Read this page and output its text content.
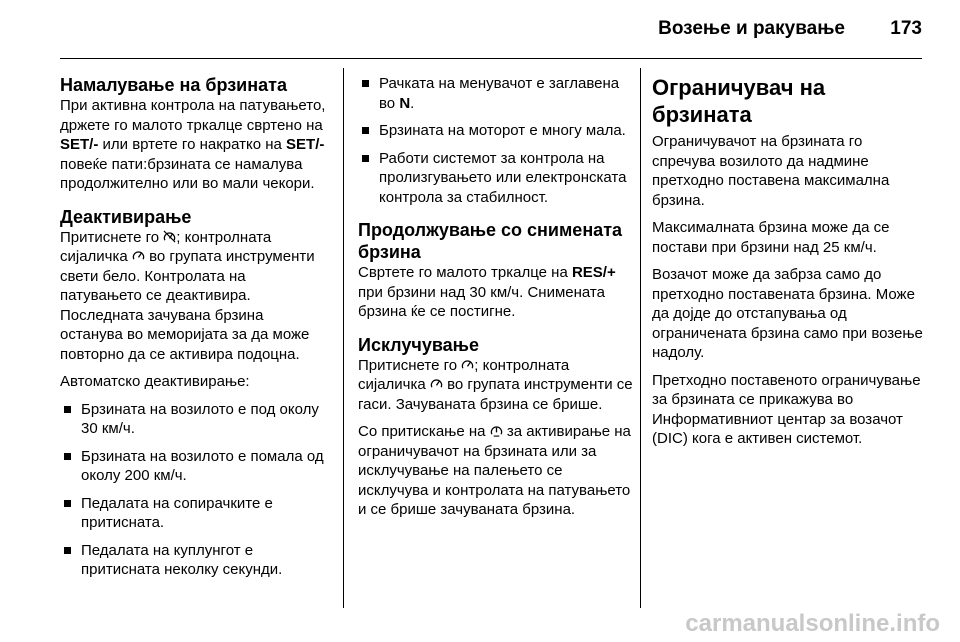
Возење и ракување 173
Намалување на брзината

При активна контрола на патувањето, држете го малото тркалце свртено на SET/- или вртете го накратко на SET/- повеќе пати:брзината се намалува продолжително или во мали чекори.

Деактивирање

Притиснете го ; контролната сијаличка  во групата инструменти свети бело. Контролата на патувањето се деактивира. Последната зачувана брзина останува во меморијата за да може повторно да се активира подоцна.

Автоматско деактивирање:

Брзината на возилото е под околу 30 км/ч.
Брзината на возилото е помала од околу 200 км/ч.
Педалата на сопирачките е притисната.
Педалата на куплунгот е притисната неколку секунди.
Рачката на менувачот е заглавена во N.
Брзината на моторот е многу мала.
Работи системот за контрола на пролизгувањето или електронската контрола за стабилност.
Продолжување со снимената брзина

Свртете го малото тркалце на RES/+ при брзини над 30 км/ч. Снимената брзина ќе се постигне.

Исклучување

Притиснете го ; контролната сијаличка  во групата инструменти се гаси. Зачуваната брзина се брише.

Со притискање на  за активирање на ограничувачот на брзината или за исклучување на палењето се исклучува и контролата на патувањето и се брише зачуваната брзина.

Ограничувач на брзината

Ограничувачот на брзината го спречува возилото да надмине претходно поставена максимална брзина.

Максималната брзина може да се постави при брзини над 25 км/ч.

Возачот може да забрза само до претходно поставената брзина. Може да дојде до отстапувања од ограничената брзина само при возење надолу.

Претходно поставеното ограничување за брзината се прикажува во Информативниот центар за возачот (DIC) кога е активен системот.

carmanualsonline.info
